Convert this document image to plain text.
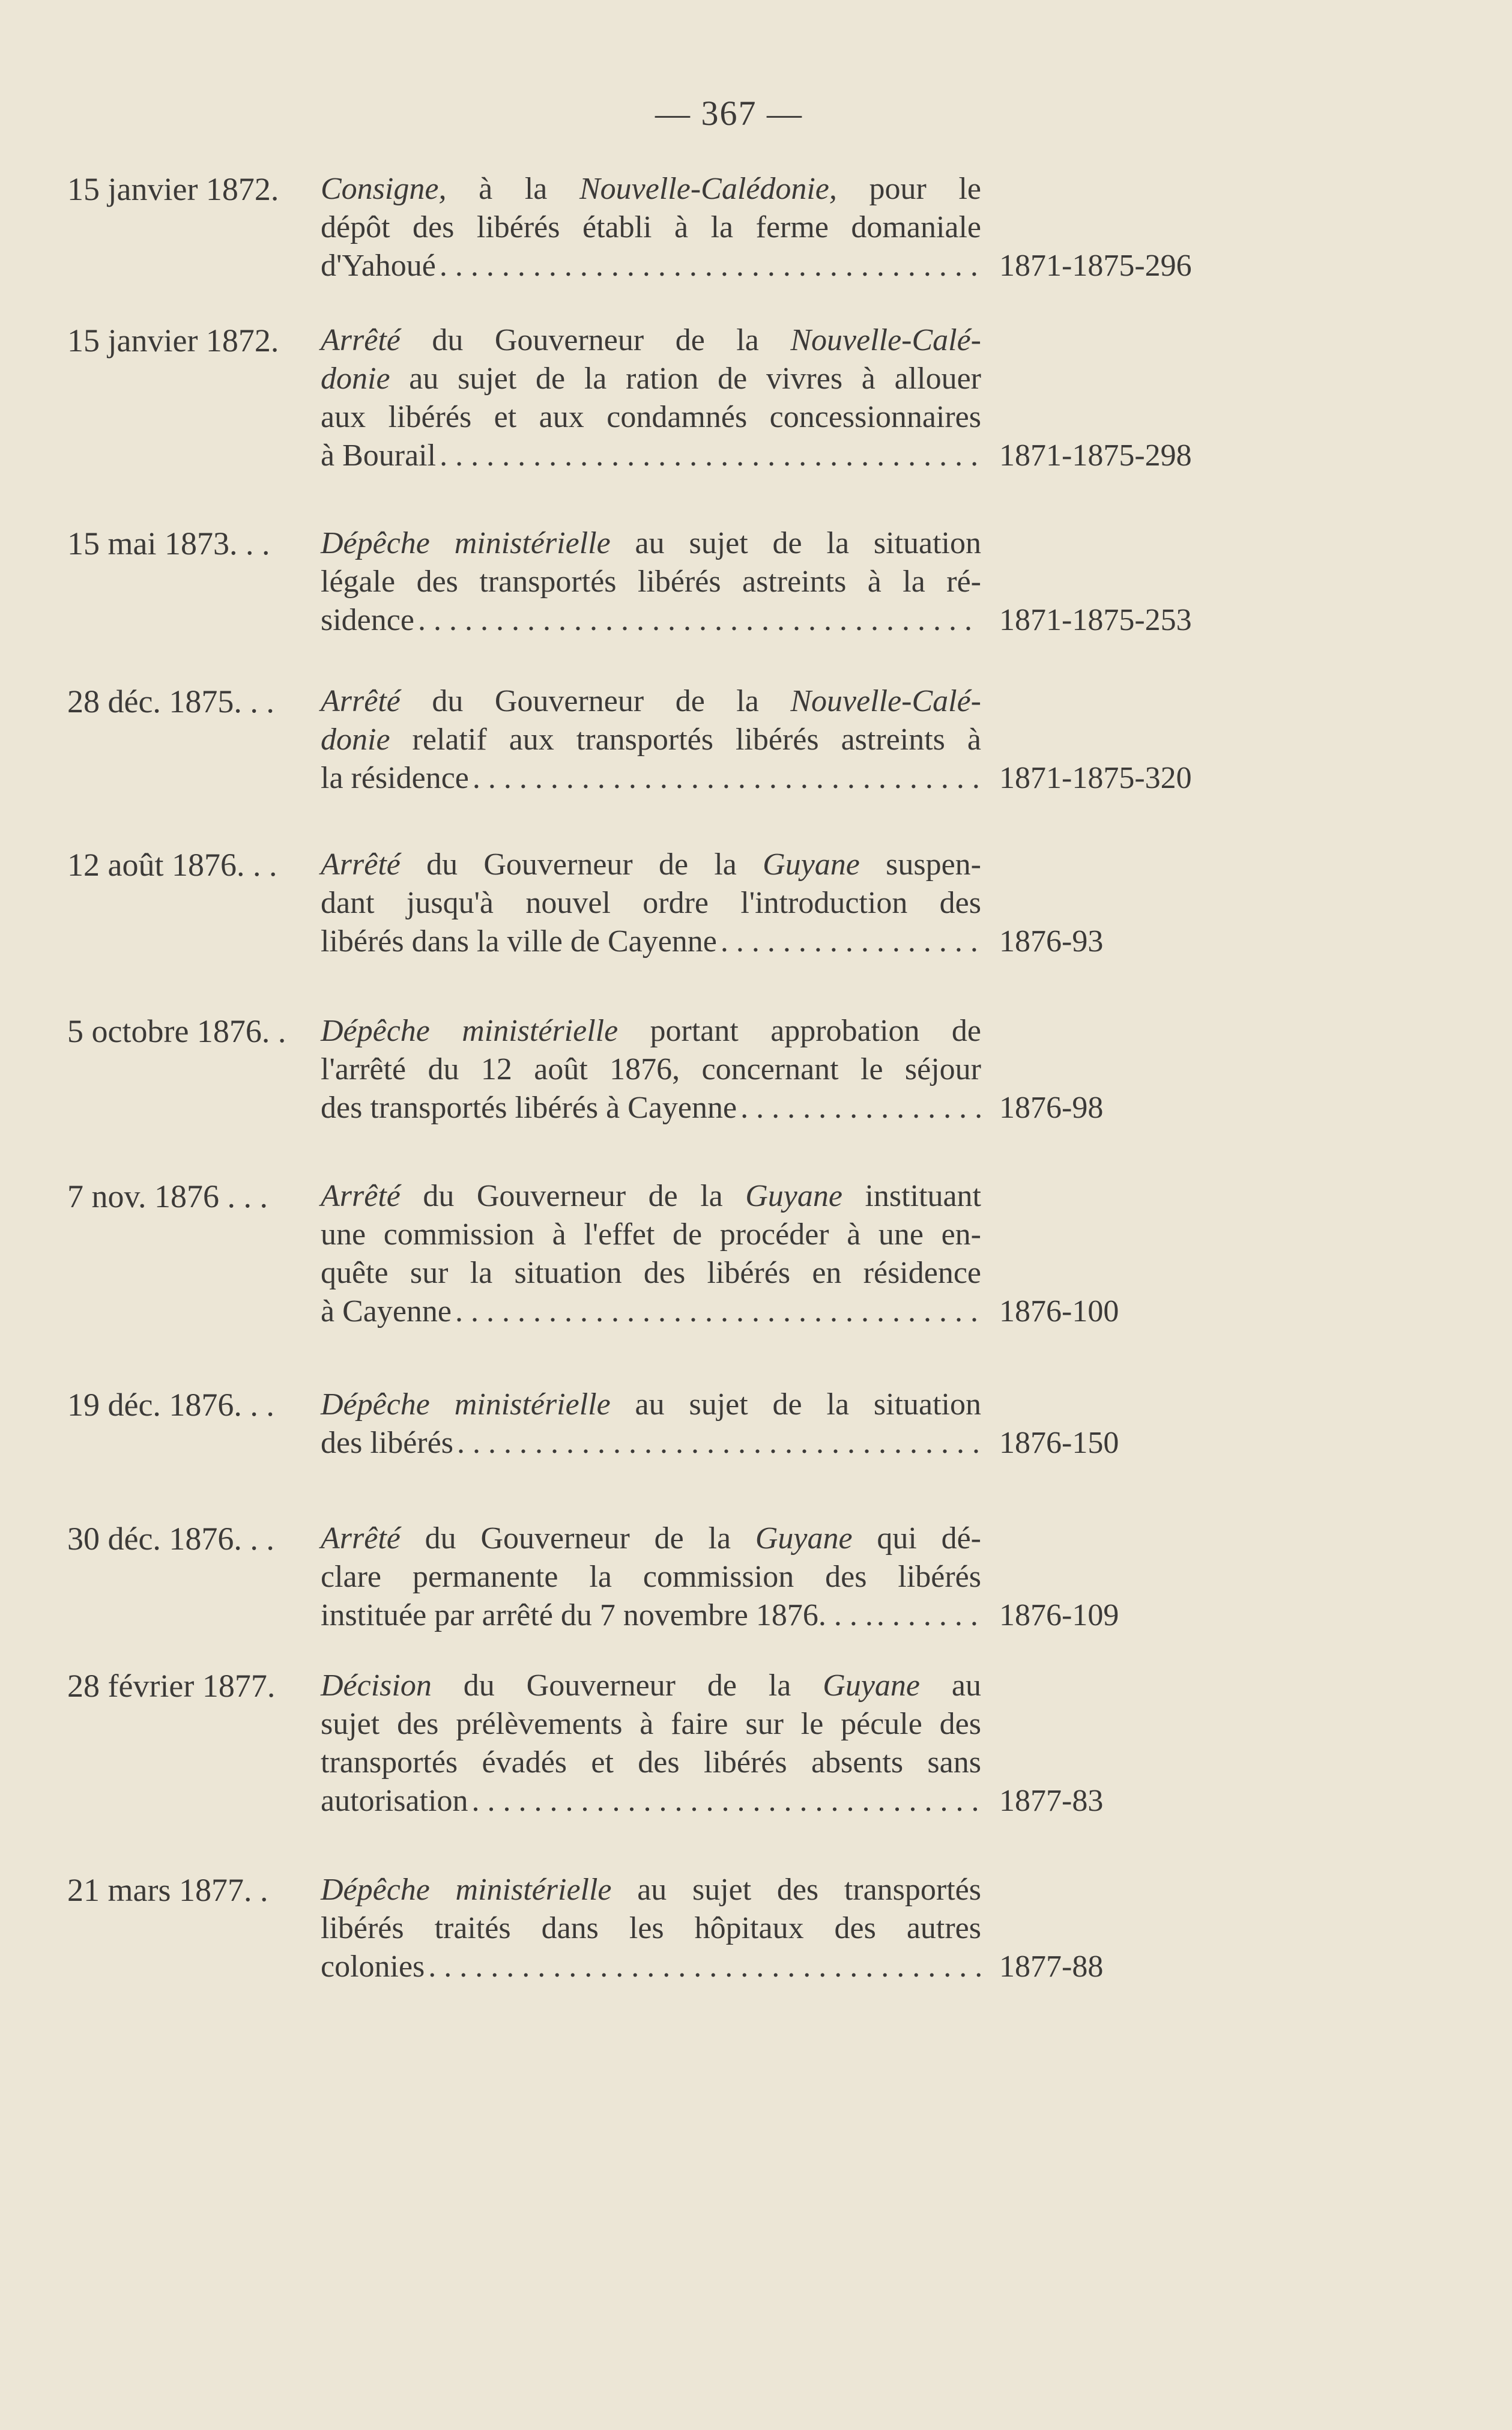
— 367 —
15 janvier 1872. Consigne, à la Nouvelle-Calédonie, pour le
dépôt des libérés établi à la ferme domaniale
d'Yahoué . . .	1871-1875-296
15 janvier 1872. Arrêté du Gouverneur de la Nouvelle-Calé-
donie au sujet de la ration de vivres à allouer
aux libérés et aux condamnés concessionnaires
à Bourail . . .	1871-1875-298
15 mai 1873. . . Dépêche ministérielle au sujet de la situation
légale des transportés libérés astreints à la ré-
sidence . . .	1871-1875-253
28 déc. 1875. . . Arrêté du Gouverneur de la Nouvelle-Calé-
donie relatif aux transportés libérés astreints à
la résidence . . .	1871-1875-320
12 août 1876. . . Arrêté du Gouverneur de la Guyane suspen-
dant jusqu'à nouvel ordre l'introduction des
libérés dans la ville de Cayenne . . .	1876-93
5 octobre 1876. . Dépêche ministérielle portant approbation de
l'arrêté du 12 août 1876, concernant le séjour
des transportés libérés à Cayenne . . .	1876-98
7 nov. 1876 . . . Arrêté du Gouverneur de la Guyane instituant
une commission à l'effet de procéder à une en-
quête sur la situation des libérés en résidence
à Cayenne . . .	1876-100
19 déc. 1876. . . Dépêche ministérielle au sujet de la situation
des libérés . . .	1876-150
30 déc. 1876. . . Arrêté du Gouverneur de la Guyane qui dé-
clare permanente la commission des libérés
instituée par arrêté du 7 novembre 1876. . . . . . .	1876-109
28 février 1877. Décision du Gouverneur de la Guyane au
sujet des prélèvements à faire sur le pécule des
transportés évadés et des libérés absents sans
autorisation . . .	1877-83
21 mars 1877. . Dépêche ministérielle au sujet des transportés
libérés traités dans les hôpitaux des autres
colonies . . .	1877-88
